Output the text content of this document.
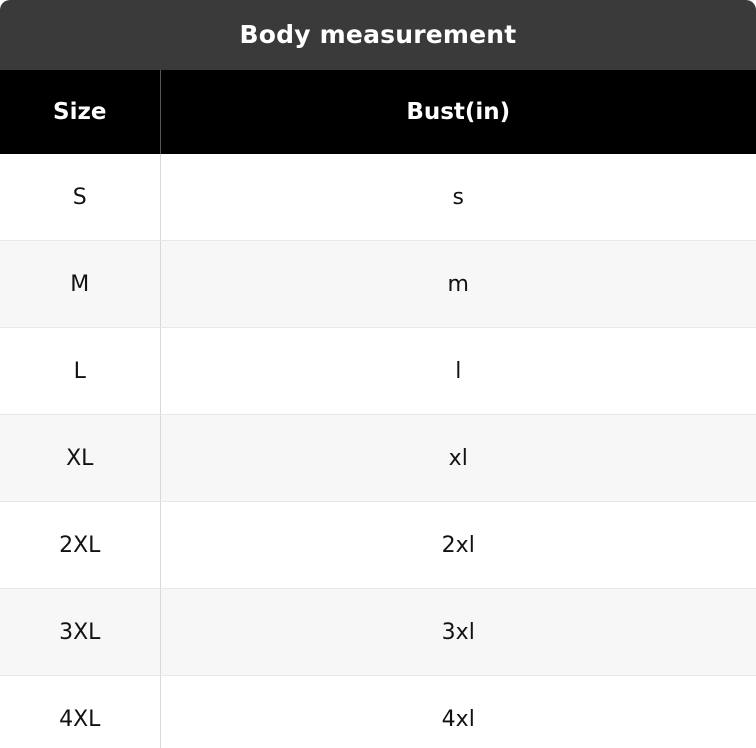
Body measurement
Size	Bust(in)
S	s
M	m
L	l
XL	xl
2XL	2xl
3XL	3xl
4XL	4xl
